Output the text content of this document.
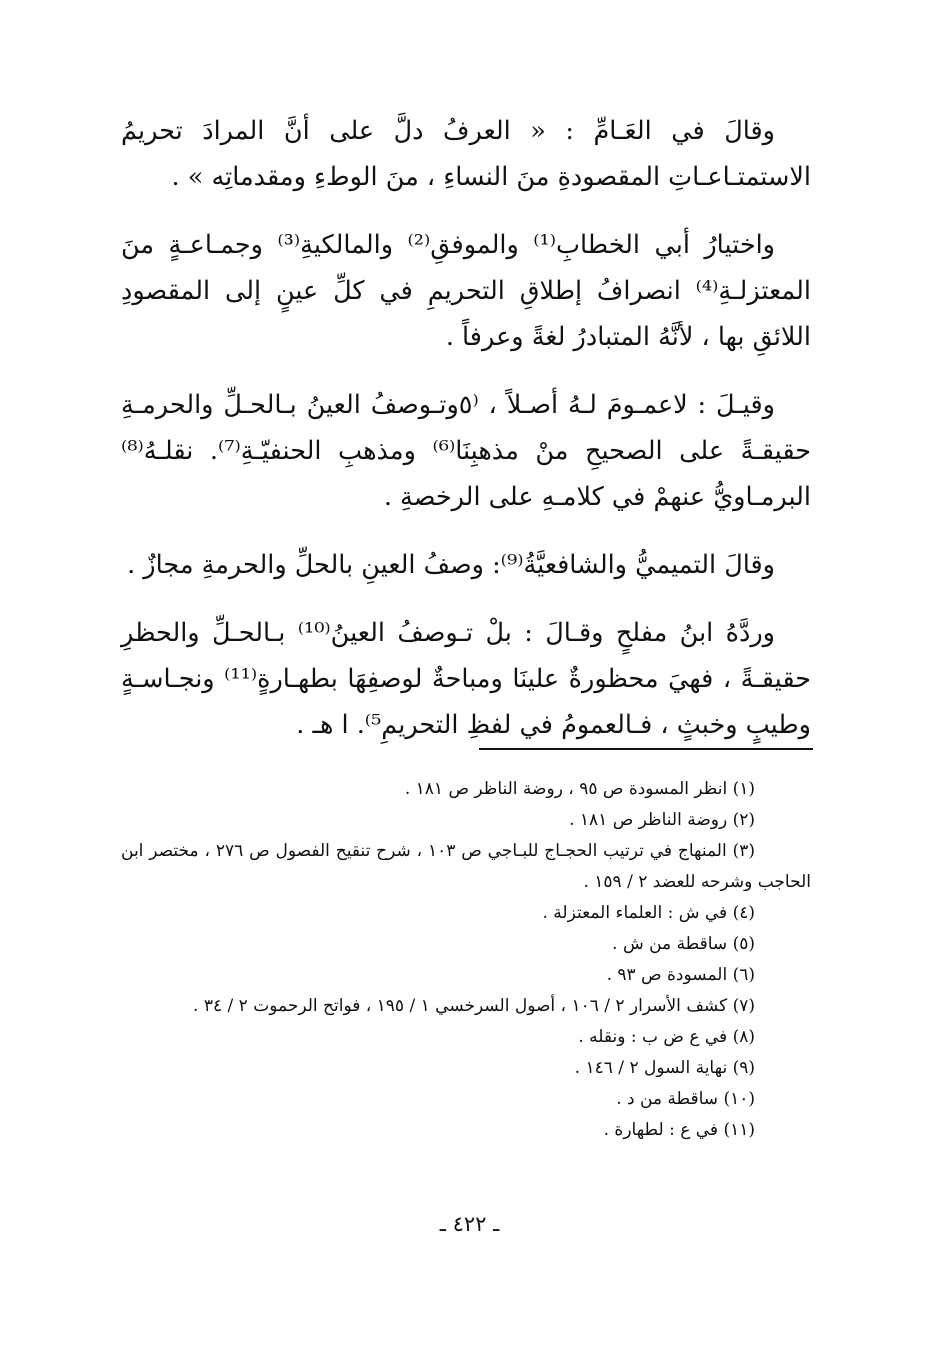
وقالَ في العَـامِّ : « العرفُ دلَّ على أنَّ المرادَ تحريمُ الاستمتـاعـاتِ المقصودةِ منَ النساءِ ، منَ الوطءِ ومقدماتِه » .

واختيارُ أبي الخطابِ⁽¹⁾ والموفقِ⁽²⁾ والمالكيةِ⁽³⁾ وجمـاعـةٍ منَ المعتزلـةِ⁽⁴⁾ انصرافُ إطلاقِ التحريمِ في كلِّ عينٍ إلى المقصودِ اللائقِ بها ، لأنَّهُ المتبادرُ لغةً وعرفاً .

وقيـلَ : لاعمـومَ لـهُ أصـلاً ، ⁽٥وتـوصفُ العينُ بـالحـلِّ والحرمـةِ حقيقـةً على الصحيحِ منْ مذهبِنَا⁽⁶⁾ ومذهبِ الحنفيّـةِ⁽⁷⁾. نقلـهُ⁽⁸⁾ البرمـاويُّ عنهمْ في كلامـهِ على الرخصةِ .

وقالَ التميميُّ والشافعيَّةُ⁽⁹⁾: وصفُ العينِ بالحلِّ والحرمةِ مجازٌ .

وردَّهُ ابنُ مفلحٍ وقـالَ : بلْ تـوصفُ العينُ⁽¹⁰⁾ بـالحـلِّ والحظرِ حقيقـةً ، فهيَ محظورةٌ علينَا ومباحةٌ لوصفِهَا بطهـارةٍ⁽¹¹⁾ ونجـاسـةٍ وطيبٍ وخبثٍ ، فـالعمومُ في لفظِ التحريمِ⁵⁾. ا هـ .

(١) انظر المسودة ص ٩٥ ، روضة الناظر ص ١٨١ .

(٢) روضة الناظر ص ١٨١ .

(٣) المنهاج في ترتيب الحجـاج للبـاجي ص ١٠٣ ، شرح تنقيح الفصول ص ٢٧٦ ، مختصر ابن الحاجب وشرحه للعضد ٢ / ١٥٩ .

(٤) في ش : العلماء المعتزلة .

(٥) ساقطة من ش .

(٦) المسودة ص ٩٣ .

(٧) كشف الأسرار ٢ / ١٠٦ ، أصول السرخسي ١ / ١٩٥ ، فواتح الرحموت ٢ / ٣٤ .

(٨) في ع ض ب : ونقله .

(٩) نهاية السول ٢ / ١٤٦ .

(١٠) ساقطة من د .

(١١) في ع : لطهارة .

ـ ٤٢٢ ـ
